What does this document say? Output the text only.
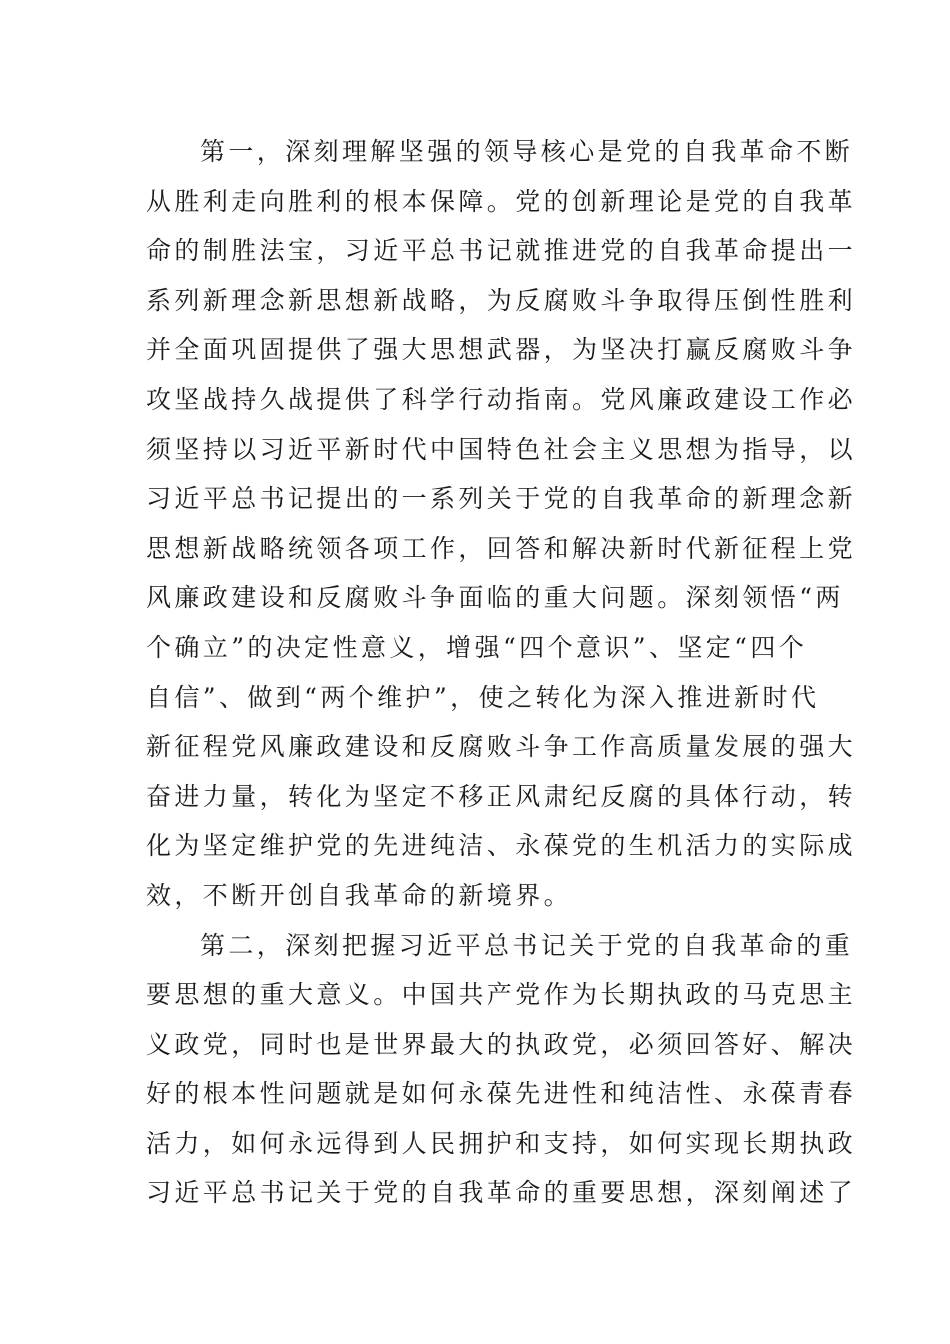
第一，深刻理解坚强的领导核心是党的自我革命不断
从胜利走向胜利的根本保障。党的创新理论是党的自我革
命的制胜法宝，习近平总书记就推进党的自我革命提出一
系列新理念新思想新战略，为反腐败斗争取得压倒性胜利
并全面巩固提供了强大思想武器，为坚决打赢反腐败斗争
攻坚战持久战提供了科学行动指南。党风廉政建设工作必
须坚持以习近平新时代中国特色社会主义思想为指导，以
习近平总书记提出的一系列关于党的自我革命的新理念新
思想新战略统领各项工作，回答和解决新时代新征程上党
风廉政建设和反腐败斗争面临的重大问题。深刻领悟“两
个确立”的决定性意义，增强“四个意识”、坚定“四个
自信”、做到“两个维护”，使之转化为深入推进新时代
新征程党风廉政建设和反腐败斗争工作高质量发展的强大
奋进力量，转化为坚定不移正风肃纪反腐的具体行动，转
化为坚定维护党的先进纯洁、永葆党的生机活力的实际成
效，不断开创自我革命的新境界。
第二，深刻把握习近平总书记关于党的自我革命的重
要思想的重大意义。中国共产党作为长期执政的马克思主
义政党，同时也是世界最大的执政党，必须回答好、解决
好的根本性问题就是如何永葆先进性和纯洁性、永葆青春
活力，如何永远得到人民拥护和支持，如何实现长期执政
习近平总书记关于党的自我革命的重要思想，深刻阐述了
